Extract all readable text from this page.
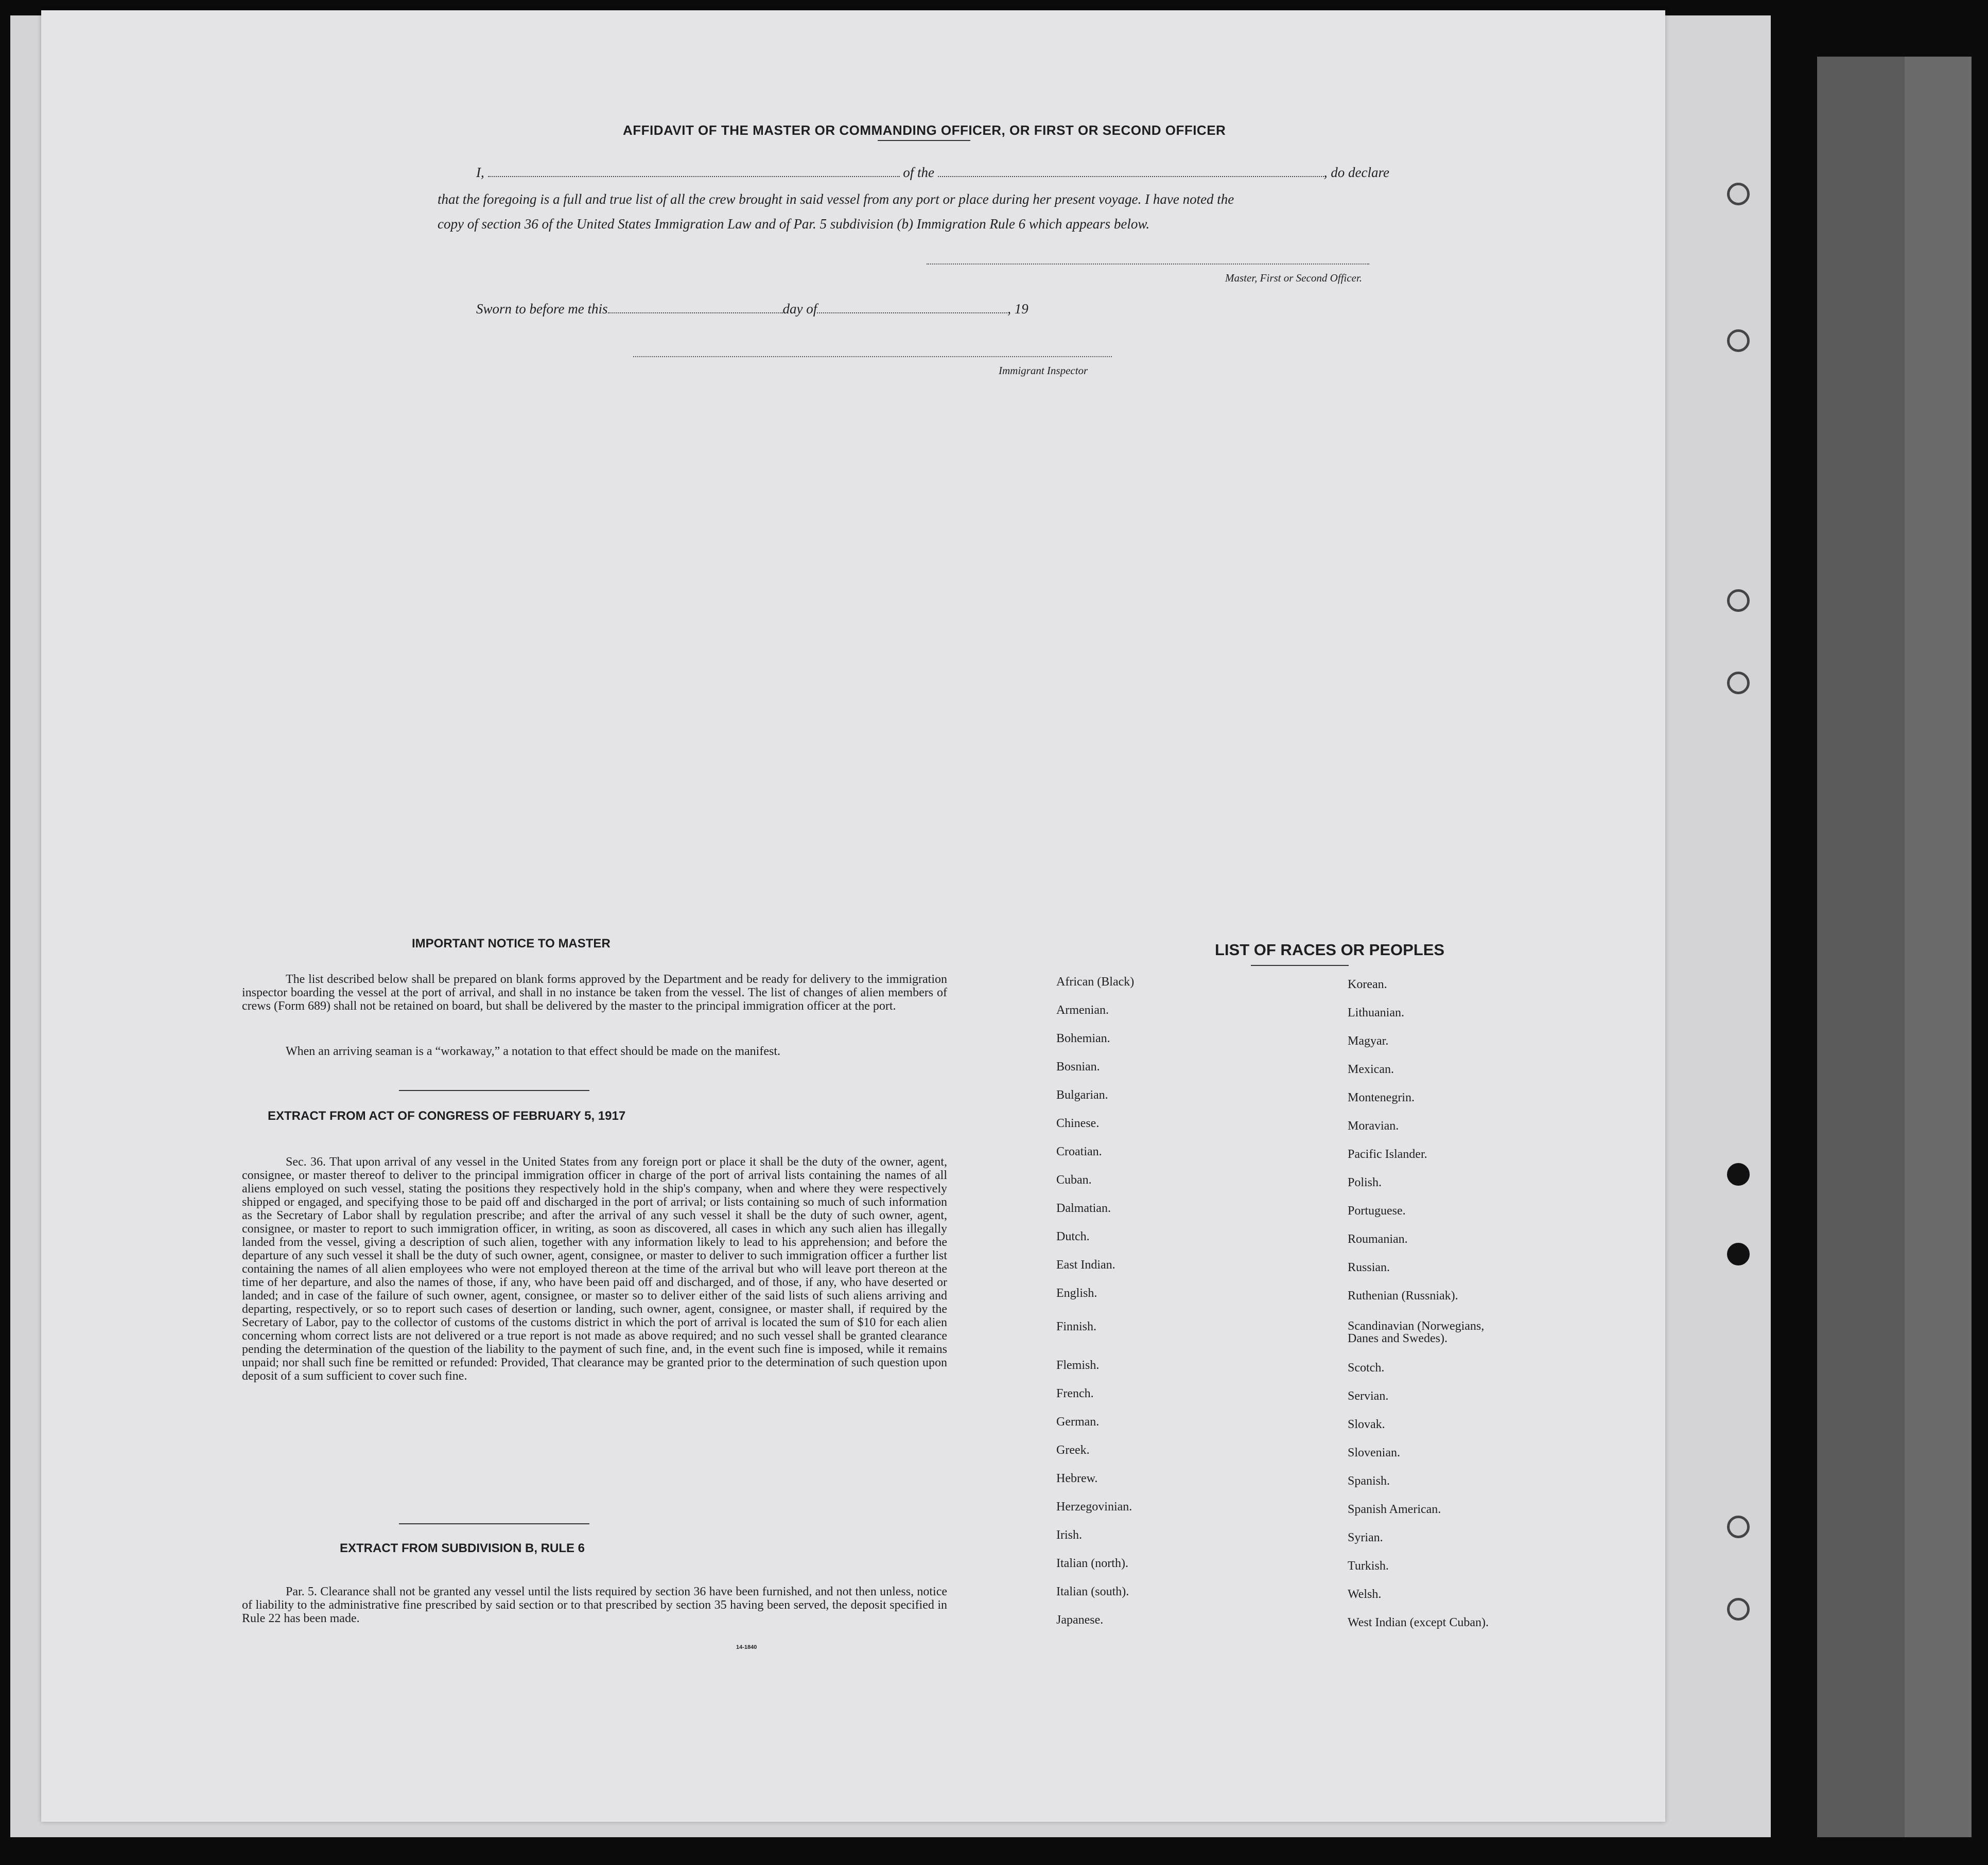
AFFIDAVIT OF THE MASTER OR COMMANDING OFFICER, OR FIRST OR SECOND OFFICER
I,	of the	, do declare
that the foregoing is a full and true list of all the crew brought in said vessel from any port or place during her present voyage. I have noted the
copy of section 36 of the United States Immigration Law and of Par. 5 subdivision (b) Immigration Rule 6 which appears below.
Master, First or Second Officer.
Sworn to before me this	day of	, 19
Immigrant Inspector
IMPORTANT NOTICE TO MASTER
The list described below shall be prepared on blank forms approved by the Department and be ready for delivery to the immigration inspector boarding the vessel at the port of arrival, and shall in no instance be taken from the vessel. The list of changes of alien members of crews (Form 689) shall not be retained on board, but shall be delivered by the master to the principal immigration officer at the port.
When an arriving seaman is a “workaway,” a notation to that effect should be made on the manifest.
EXTRACT FROM ACT OF CONGRESS OF FEBRUARY 5, 1917
Sec. 36. That upon arrival of any vessel in the United States from any foreign port or place it shall be the duty of the owner, agent, consignee, or master thereof to deliver to the principal immigration officer in charge of the port of arrival lists containing the names of all aliens employed on such vessel, stating the positions they respectively hold in the ship's company, when and where they were respectively shipped or engaged, and specifying those to be paid off and discharged in the port of arrival; or lists containing so much of such information as the Secretary of Labor shall by regulation prescribe; and after the arrival of any such vessel it shall be the duty of such owner, agent, consignee, or master to report to such immigration officer, in writing, as soon as discovered, all cases in which any such alien has illegally landed from the vessel, giving a description of such alien, together with any information likely to lead to his apprehension; and before the departure of any such vessel it shall be the duty of such owner, agent, consignee, or master to deliver to such immigration officer a further list containing the names of all alien employees who were not employed thereon at the time of the arrival but who will leave port thereon at the time of her departure, and also the names of those, if any, who have been paid off and discharged, and of those, if any, who have deserted or landed; and in case of the failure of such owner, agent, consignee, or master so to deliver either of the said lists of such aliens arriving and departing, respectively, or so to report such cases of desertion or landing, such owner, agent, consignee, or master shall, if required by the Secretary of Labor, pay to the collector of customs of the customs district in which the port of arrival is located the sum of $10 for each alien concerning whom correct lists are not delivered or a true report is not made as above required; and no such vessel shall be granted clearance pending the determination of the question of the liability to the payment of such fine, and, in the event such fine is imposed, while it remains unpaid; nor shall such fine be remitted or refunded: Provided, That clearance may be granted prior to the determination of such question upon deposit of a sum sufficient to cover such fine.
EXTRACT FROM SUBDIVISION B, RULE 6
Par. 5. Clearance shall not be granted any vessel until the lists required by section 36 have been furnished, and not then unless, notice of liability to the administrative fine prescribed by said section or to that prescribed by section 35 having been served, the deposit specified in Rule 22 has been made.
14-1840
LIST OF RACES OR PEOPLES
African (Black)
Armenian.
Bohemian.
Bosnian.
Bulgarian.
Chinese.
Croatian.
Cuban.
Dalmatian.
Dutch.
East Indian.
English.
Finnish.
Flemish.
French.
German.
Greek.
Hebrew.
Herzegovinian.
Irish.
Italian (north).
Italian (south).
Japanese.
Korean.
Lithuanian.
Magyar.
Mexican.
Montenegrin.
Moravian.
Pacific Islander.
Polish.
Portuguese.
Roumanian.
Russian.
Ruthenian (Russniak).
Scandinavian (Norwegians, Danes and Swedes).
Scotch.
Servian.
Slovak.
Slovenian.
Spanish.
Spanish American.
Syrian.
Turkish.
Welsh.
West Indian (except Cuban).
